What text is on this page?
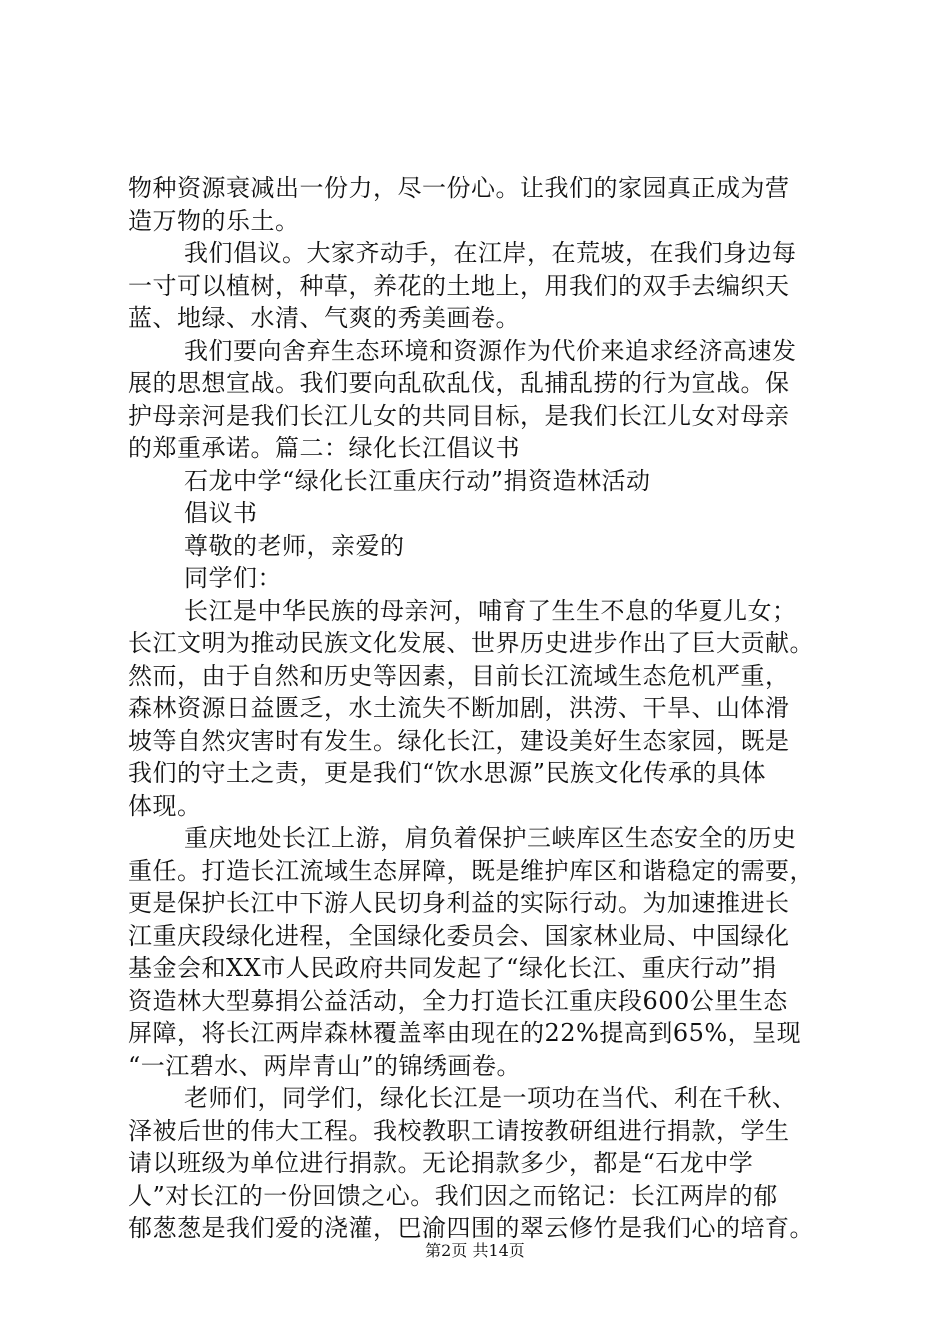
物种资源衰减出一份力，尽一份心。让我们的家园真正成为营
造万物的乐土。
我们倡议。大家齐动手，在江岸，在荒坡，在我们身边每
一寸可以植树，种草，养花的土地上，用我们的双手去编织天
蓝、地绿、水清、气爽的秀美画卷。
我们要向舍弃生态环境和资源作为代价来追求经济高速发
展的思想宣战。我们要向乱砍乱伐，乱捕乱捞的行为宣战。保
护母亲河是我们长江儿女的共同目标，是我们长江儿女对母亲
的郑重承诺。篇二：绿化长江倡议书
石龙中学“绿化长江重庆行动”捐资造林活动
倡议书
尊敬的老师，亲爱的
同学们：
长江是中华民族的母亲河，哺育了生生不息的华夏儿女；
长江文明为推动民族文化发展、世界历史进步作出了巨大贡献。
然而，由于自然和历史等因素，目前长江流域生态危机严重，
森林资源日益匮乏，水土流失不断加剧，洪涝、干旱、山体滑
坡等自然灾害时有发生。绿化长江，建设美好生态家园，既是
我们的守土之责，更是我们“饮水思源”民族文化传承的具体
体现。
重庆地处长江上游，肩负着保护三峡库区生态安全的历史
重任。打造长江流域生态屏障，既是维护库区和谐稳定的需要，
更是保护长江中下游人民切身利益的实际行动。为加速推进长
江重庆段绿化进程，全国绿化委员会、国家林业局、中国绿化
基金会和XX市人民政府共同发起了“绿化长江、重庆行动”捐
资造林大型募捐公益活动，全力打造长江重庆段600公里生态
屏障，将长江两岸森林覆盖率由现在的22%提高到65%，呈现
“一江碧水、两岸青山”的锦绣画卷。
老师们，同学们，绿化长江是一项功在当代、利在千秋、
泽被后世的伟大工程。我校教职工请按教研组进行捐款，学生
请以班级为单位进行捐款。无论捐款多少，都是“石龙中学
人”对长江的一份回馈之心。我们因之而铭记：长江两岸的郁
郁葱葱是我们爱的浇灌，巴渝四围的翠云修竹是我们心的培育。
第2页 共14页
